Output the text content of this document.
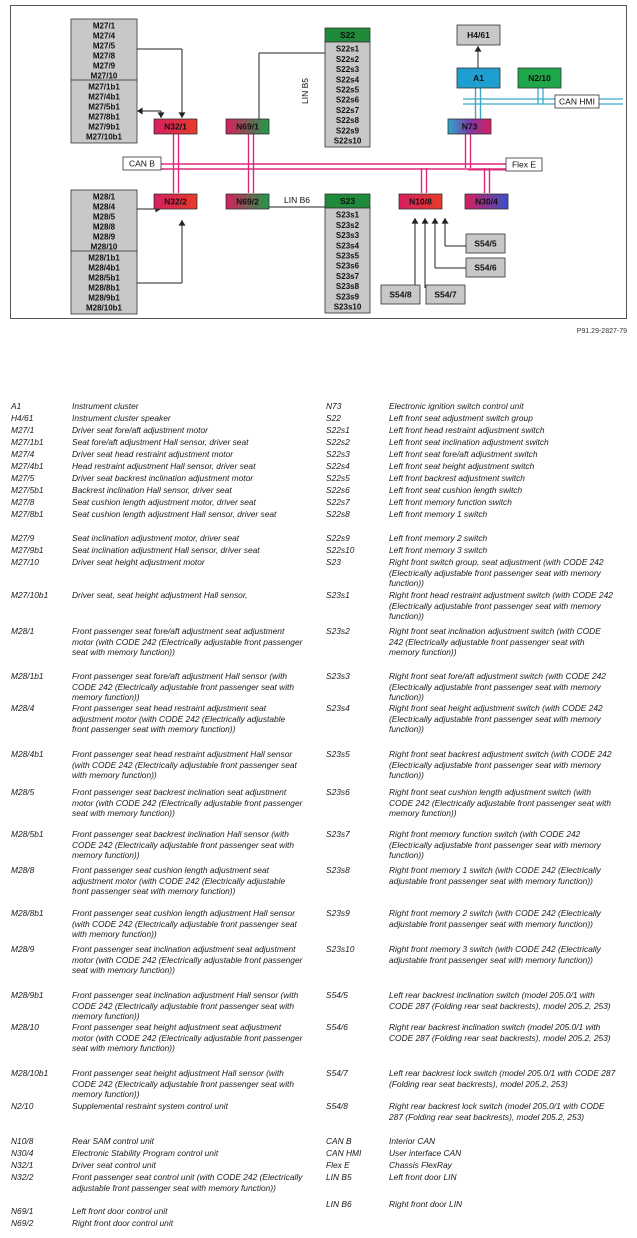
M27/1
M27/4
M27/5
M27/8
M27/9
M27/10
M27/1b1
M27/4b1
M27/5b1
M27/8b1
M27/9b1
M27/10b1
M28/1
M28/4
M28/5
M28/8
M28/9
M28/10
M28/1b1
M28/4b1
M28/5b1
M28/8b1
M28/9b1
M28/10b1
S22
S22s1
S22s2
S22s3
S22s4
S22s5
S22s6
S22s7
S22s8
S22s9
S22s10
S23
S23s1
S23s2
S23s3
S23s4
S23s5
S23s6
S23s7
S23s8
S23s9
S23s10
N32/1
N32/2
N69/1
N69/2
N73
N10/8	N30/4
A1	N2/10
H4/61
S54/5
S54/6
S54/8	S54/7
CAN B
CAN HMI
Flex E
LIN B5
LIN B6
P91.29-2827-79
A1	Instrument cluster
H4/61	Instrument cluster speaker
M27/1	Driver seat fore/aft adjustment motor
M27/1b1	Seat fore/aft adjustment Hall sensor, driver seat
M27/4	Driver seat head restraint adjustment motor
M27/4b1	Head restraint adjustment Hall sensor, driver seat
M27/5	Driver seat backrest inclination adjustment motor
M27/5b1	Backrest inclination Hall sensor, driver seat
M27/8	Seat cushion length adjustment motor, driver seat
M27/8b1	Seat cushion length adjustment Hall sensor, driver seat
M27/9	Seat inclination adjustment motor, driver seat
M27/9b1	Seat inclination adjustment Hall sensor, driver seat
M27/10	Driver seat height adjustment motor
M27/10b1	Driver seat, seat height adjustment Hall sensor,
M28/1	Front passenger seat fore/aft adjustment seat adjustment motor (with CODE 242 (Electrically adjustable front passenger seat with memory function))
M28/1b1	Front passenger seat fore/aft adjustment Hall sensor (with CODE 242 (Electrically adjustable front passenger seat with memory function))
M28/4	Front passenger seat head restraint adjustment seat adjustment motor (with CODE 242 (Electrically adjustable front passenger seat with memory function))
M28/4b1	Front passenger seat head restraint adjustment Hall sensor (with CODE 242 (Electrically adjustable front passenger seat with memory function))
M28/5	Front passenger seat backrest inclination seat adjustment motor (with CODE 242 (Electrically adjustable front passenger seat with memory function))
M28/5b1	Front passenger seat backrest inclination Hall sensor (with CODE 242 (Electrically adjustable front passenger seat with memory function))
M28/8	Front passenger seat cushion length adjustment seat adjustment motor (with CODE 242 (Electrically adjustable front passenger seat with memory function))
M28/8b1	Front passenger seat cushion length adjustment Hall sensor (with CODE 242 (Electrically adjustable front passenger seat with memory function))
M28/9	Front passenger seat inclination adjustment seat adjustment motor (with CODE 242 (Electrically adjustable front passenger seat with memory function))
M28/9b1	Front passenger seat inclination adjustment Hall sensor (with CODE 242 (Electrically adjustable front passenger seat with memory function))
M28/10	Front passenger seat height adjustment seat adjustment motor (with CODE 242 (Electrically adjustable front passenger seat with memory function))
M28/10b1	Front passenger seat height adjustment Hall sensor (with CODE 242 (Electrically adjustable front passenger seat with memory function))
N2/10	Supplemental restraint system control unit
N10/8	Rear SAM control unit
N30/4	Electronic Stability Program control unit
N32/1	Driver seat control unit
N32/2	Front passenger seat control unit (with CODE 242 (Electrically adjustable front passenger seat with memory function))
N69/1	Left front door control unit
N69/2	Right front door control unit
N73	Electronic ignition switch control unit
S22	Left front seat adjustment switch group
S22s1	Left front head restraint adjustment switch
S22s2	Left front seat inclination adjustment switch
S22s3	Left front seat fore/aft adjustment switch
S22s4	Left front seat height adjustment switch
S22s5	Left front backrest adjustment switch
S22s6	Left front seat cushion length switch
S22s7	Left front memory function switch
S22s8	Left front memory 1 switch
S22s9	Left front memory 2 switch
S22s10	Left front memory 3 switch
S23	Right front switch group, seat adjustment (with CODE 242 (Electrically adjustable front passenger seat with memory function))
S23s1	Right front head restraint adjustment switch (with CODE 242 (Electrically adjustable front passenger seat with memory function))
S23s2	Right front seat inclination adjustment switch (with CODE 242 (Electrically adjustable front passenger seat with memory function))
S23s3	Right front seat fore/aft adjustment switch (with CODE 242 (Electrically adjustable front passenger seat with memory function))
S23s4	Right front seat height adjustment switch (with CODE 242 (Electrically adjustable front passenger seat with memory function))
S23s5	Right front seat backrest adjustment switch (with CODE 242 (Electrically adjustable front passenger seat with memory function))
S23s6	Right front seat cushion length adjustment switch (with CODE 242 (Electrically adjustable front passenger seat with memory function))
S23s7	Right front memory function switch (with CODE 242 (Electrically adjustable front passenger seat with memory function))
S23s8	Right front memory 1 switch (with CODE 242 (Electrically adjustable front passenger seat with memory function))
S23s9	Right front memory 2 switch (with CODE 242 (Electrically adjustable front passenger seat with memory function))
S23s10	Right front memory 3 switch (with CODE 242 (Electrically adjustable front passenger seat with memory function))
S54/5	Left rear backrest inclination switch (model 205.0/1 with CODE 287 (Folding rear seat backrests), model 205.2, 253)
S54/6	Right rear backrest inclination switch (model 205.0/1 with CODE 287 (Folding rear seat backrests), model 205.2, 253)
S54/7	Left rear backrest lock switch (model 205.0/1 with CODE 287 (Folding rear seat backrests), model 205.2, 253)
S54/8	Right rear backrest lock switch (model 205.0/1 with CODE 287 (Folding rear seat backrests), model 205.2, 253)
CAN B	Interior CAN
CAN HMI	User interface CAN
Flex E	Chassis FlexRay
LIN B5	Left front door LIN
LIN B6	Right front door LIN
